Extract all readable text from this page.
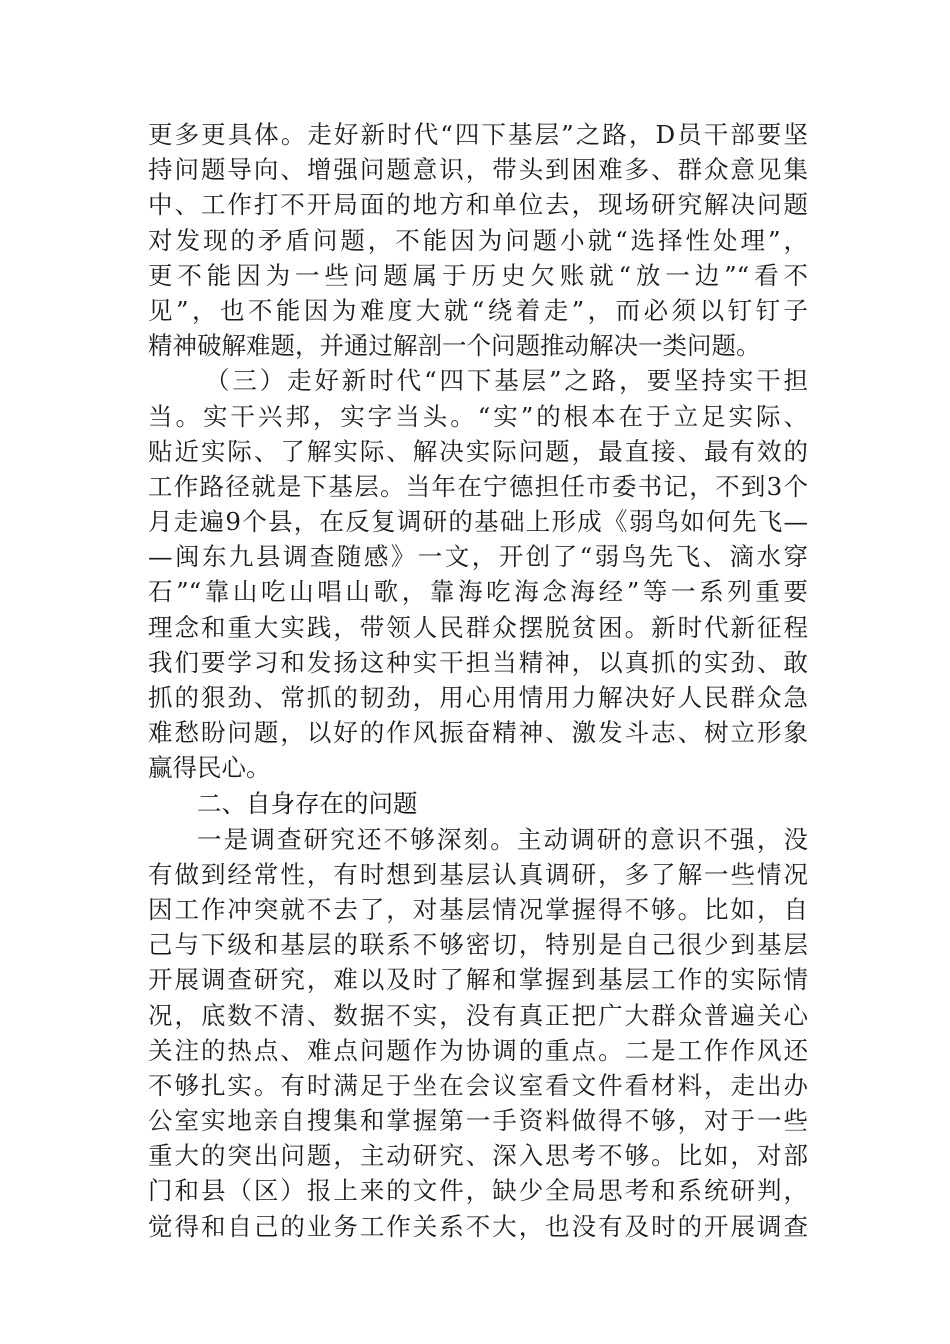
更多更具体。走好新时代“四下基层”之路，D员干部要坚
持问题导向、增强问题意识，带头到困难多、群众意见集
中、工作打不开局面的地方和单位去，现场研究解决问题
对发现的矛盾问题，不能因为问题小就“选择性处理”，
更不能因为一些问题属于历史欠账就“放一边”“看不
见”，也不能因为难度大就“绕着走”，而必须以钉钉子
精神破解难题，并通过解剖一个问题推动解决一类问题。
（三）走好新时代“四下基层”之路，要坚持实干担
当。实干兴邦，实字当头。“实”的根本在于立足实际、
贴近实际、了解实际、解决实际问题，最直接、最有效的
工作路径就是下基层。当年在宁德担任市委书记，不到3个
月走遍9个县，在反复调研的基础上形成《弱鸟如何先飞—
—闽东九县调查随感》一文，开创了“弱鸟先飞、滴水穿
石”“靠山吃山唱山歌，靠海吃海念海经”等一系列重要
理念和重大实践，带领人民群众摆脱贫困。新时代新征程
我们要学习和发扬这种实干担当精神，以真抓的实劲、敢
抓的狠劲、常抓的韧劲，用心用情用力解决好人民群众急
难愁盼问题，以好的作风振奋精神、激发斗志、树立形象
赢得民心。
二、自身存在的问题
一是调查研究还不够深刻。主动调研的意识不强，没
有做到经常性，有时想到基层认真调研，多了解一些情况
因工作冲突就不去了，对基层情况掌握得不够。比如，自
己与下级和基层的联系不够密切，特别是自己很少到基层
开展调查研究，难以及时了解和掌握到基层工作的实际情
况，底数不清、数据不实，没有真正把广大群众普遍关心
关注的热点、难点问题作为协调的重点。二是工作作风还
不够扎实。有时满足于坐在会议室看文件看材料，走出办
公室实地亲自搜集和掌握第一手资料做得不够，对于一些
重大的突出问题，主动研究、深入思考不够。比如，对部
门和县（区）报上来的文件，缺少全局思考和系统研判，
觉得和自己的业务工作关系不大，也没有及时的开展调查
